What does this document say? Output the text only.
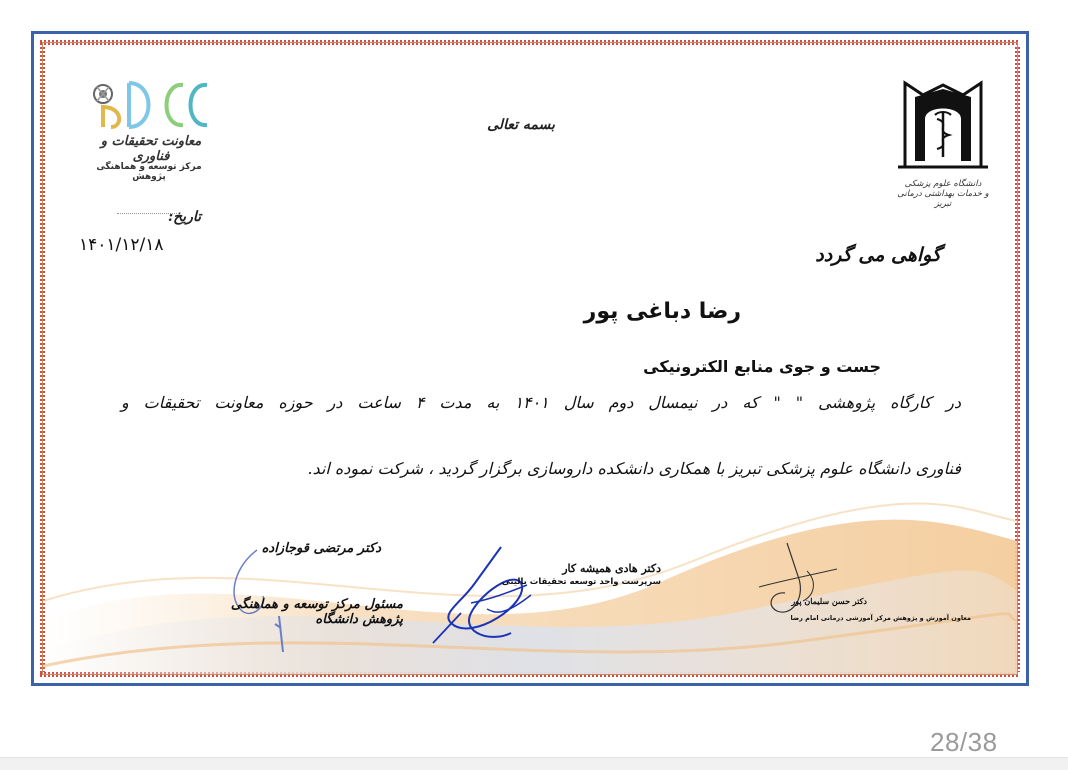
معاونت تحقیقات و فناوری
مرکز توسعه و هماهنگی پژوهش
دانشگاه علوم پزشکی
و خدمات بهداشتی درمانی تبریز
بسمه تعالی
تاریخ:
۱۴۰۱/۱۲/۱۸	گواهی می گردد
رضا دباغی پور
جست و جوی منابع الکترونیکی
در کارگاه پژوهشی " " که در نیمسال دوم سال ۱۴۰۱ به مدت ۴ ساعت در حوزه معاونت تحقیقات و
فناوری دانشگاه علوم پزشکی تبریز با همکاری دانشکده داروسازی برگزار گردید ، شرکت نموده اند.
دکتر مرتضی قوجازاده
مسئول مرکز توسعه و هماهنگی پژوهش دانشگاه
دکتر هادی همیشه کار
سرپرست واحد توسعه تحقیقات بالینی
دکتر حسن سلیمان پور
معاون آموزش و پژوهش مرکز آموزشی درمانی امام رضا
28/38
